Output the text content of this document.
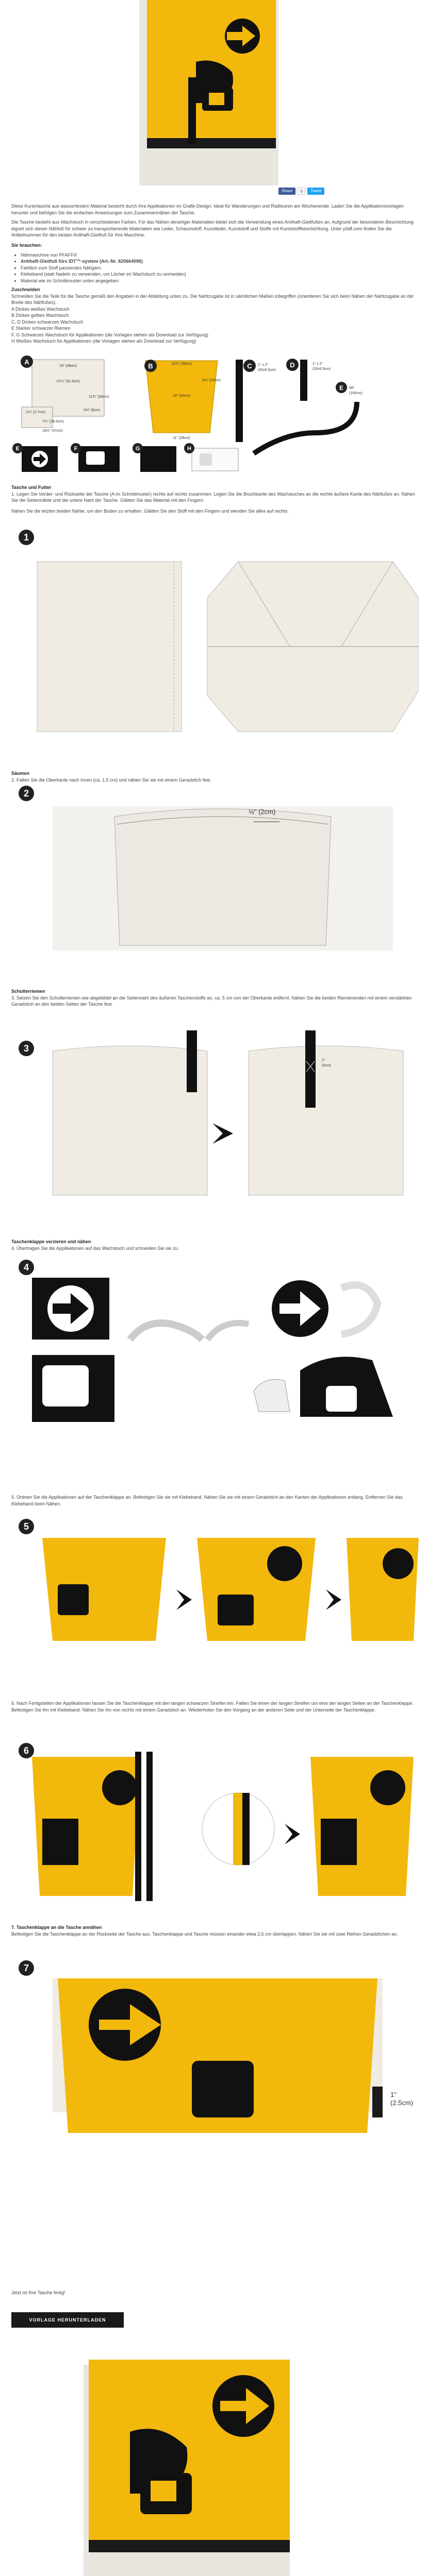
Share	0	Tweet

Diese Kuriertasche aus wasserfestem Material besticht durch ihre Applikationen im Grafik-Design. Ideal für Wanderungen und Radtouren am Wochenende. Laden Sie die Applikationsvorlagen herunter und befolgen Sie die einfachen Anweisungen zum Zusammennähen der Tasche.

Die Tasche besteht aus Wachstuch in verschiedenen Farben. Für das Nähen derartiger Materialien bietet sich die Verwendung eines Antihaft-Gleitfußes an. Aufgrund der besonderen Beschichtung eignet sich dieser Nähfuß für schwer zu transportierende Materialien wie Leder, Schaumstoff, Kunstleder, Kunststoff und Stoffe mit Kunststoffbeschichtung. Unter pfaff.com finden Sie die Artikelnummer für den besten Antihaft-Gleitfuß für Ihre Maschine.

Sie brauchen:
• Nähmaschine von PFAFF®
• Antihaft-Gleitfuß fürs IDT™-system (Art.-Nr. 820664096)
• Farblich zum Stoff passendes Nähgarn
• Klebeband (statt Nadeln zu verwenden, um Löcher im Wachstuch zu vermeiden)
• Material wie im Schnittmuster unten angegeben
Zuschneiden
Schneiden Sie die Teile für die Tasche gemäß den Angaben in der Abbildung unten zu. Die Nahtzugabe ist in sämtlichen Maßen inbegriffen (orientieren Sie sich beim Nähen der Nahtzugabe an der Breite des Nähfußes).
A Dickes weißes Wachstuch
B Dickes gelbes Wachstuch
C, D Dickes schwarzes Wachstuch
E Starker schwarzer Riemen
F, G Schwarzes Wachstuch für Applikationen (die Vorlagen stehen als Download zur Verfügung)
H Weißes Wachstuch für Applikationen (die Vorlagen stehen als Download zur Verfügung)
A
19" (48cm)
12¼" (31.5cm)
11¾" (30cm)
1⅛" (2.7cm)
7¼" (18.5cm)
18½" (47cm)
3⅛" (8cm)
B	13¾" (35cm)
16" (40cm)
9½" (24cm)
11" (28cm)
C 1" x 2"
(40x5.5cm)
D	1" x 2"
(20x5.5cm)
E 58"
(150cm)
E	F	G	H
Tasche und Futter

1. Legen Sie Vorder- und Rückseite der Tasche (A im Schnittmuster) rechts auf rechts zusammen. Legen Sie die Bruchkante des Wachstuches an die rechte äußere Kante des Nähfußes an. Nähen Sie die Seitennähte und die untere Naht der Tasche. Glätten Sie das Material mit den Fingern.

Nähen Sie die letzten beiden Nähte, um den Boden zu erhalten. Glätten Sie den Stoff mit den Fingern und wenden Sie alles auf rechts.

1
Säumen

2. Falten Sie die Oberkante nach innen (ca. 1,5 cm) und nähen Sie sie mit einem Geradstich fest.

2
½" (2cm)
Schulterriemen

3. Setzen Sie den Schulterriemen wie abgebildet an die Seitennaht des äußeren Taschenstoffs an, ca. 5 cm von der Oberkante entfernt. Nähen Sie die beiden Riemenenden mit einem verstärkten Geradstich an den beiden Seiten der Tasche fest.

3
2"
(5cm)
Taschenklappe verzieren und nähen

4. Übertragen Sie die Applikationen auf das Wachstuch und schneiden Sie sie zu.

4

5. Ordnen Sie die Applikationen auf der Taschenklappe an. Befestigen Sie sie mit Klebeband. Nähen Sie sie mit einem Geradstich an den Kanten der Applikationen entlang. Entfernen Sie das Klebeband beim Nähen.

5

6. Nach Fertigstellen der Applikationen fassen Sie die Taschenklappe mit den langen schwarzen Streifen ein. Falten Sie einen der langen Streifen um eine der langen Seiten an der Taschenklappe. Befestigen Sie ihn mit Klebeband. Nähen Sie ihn von rechts mit einem Geradstich an. Wiederholen Sie den Vorgang an der anderen Seite und der Unterseite der Taschenklappe.

6
7. Taschenklappe an die Tasche annähen

Befestigen Sie die Taschenklappe an der Rückseite der Tasche aus. Taschenklappe und Tasche müssen einander etwa 2,5 cm überlappen. Nähen Sie sie mit zwei Reihen Geradstichen an.

7
1"
(2.5cm)

Jetzt ist Ihre Tasche fertig!

VORLAGE HERUNTERLADEN
